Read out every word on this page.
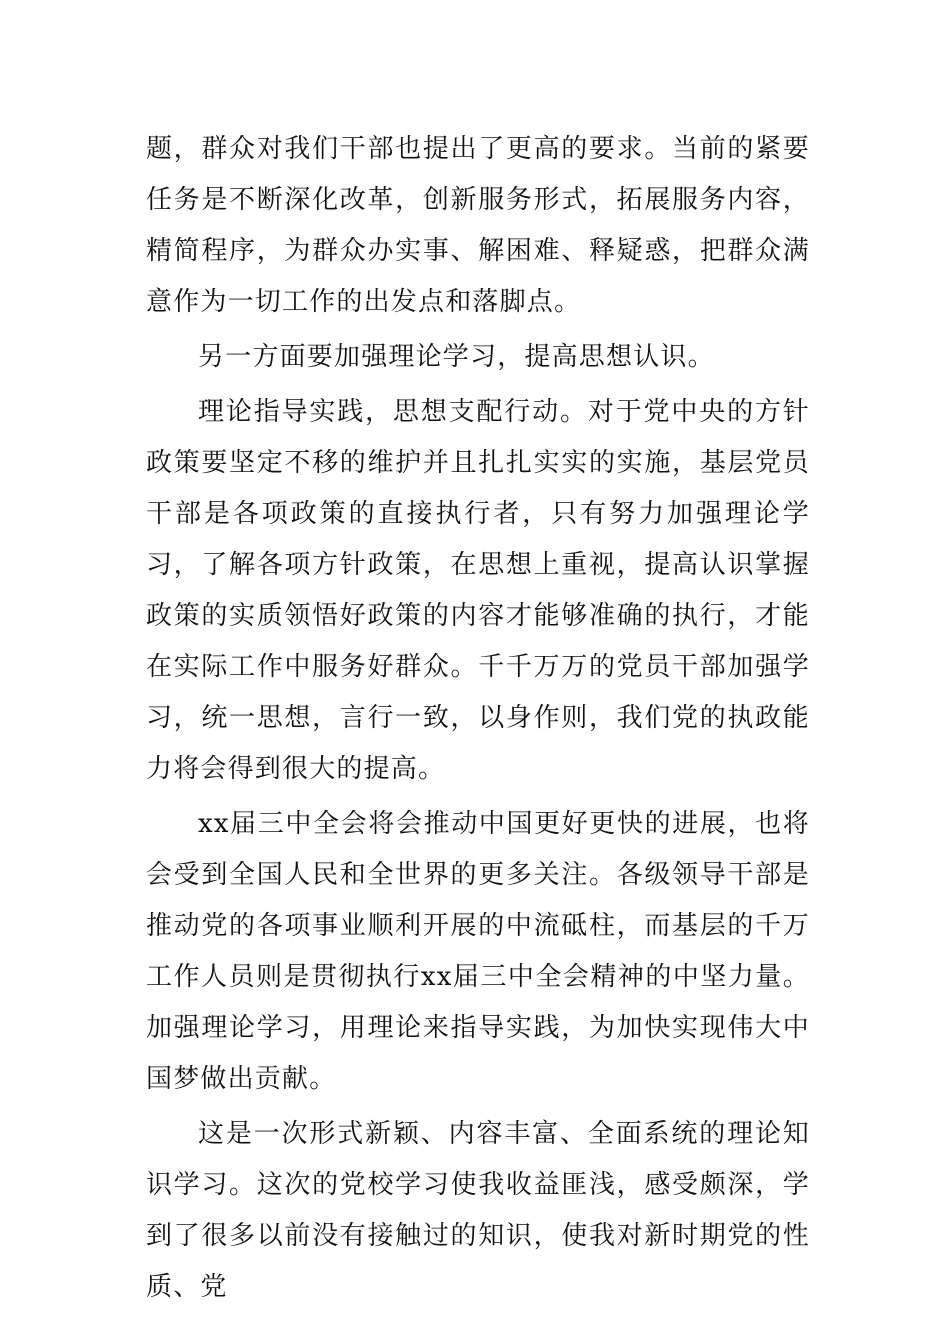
题，群众对我们干部也提出了更高的要求。当前的紧要任务是不断深化改革，创新服务形式，拓展服务内容，精简程序，为群众办实事、解困难、释疑惑，把群众满意作为一切工作的出发点和落脚点。

另一方面要加强理论学习，提高思想认识。

理论指导实践，思想支配行动。对于党中央的方针政策要坚定不移的维护并且扎扎实实的实施，基层党员干部是各项政策的直接执行者，只有努力加强理论学习，了解各项方针政策，在思想上重视，提高认识掌握政策的实质领悟好政策的内容才能够准确的执行，才能在实际工作中服务好群众。千千万万的党员干部加强学习，统一思想，言行一致，以身作则，我们党的执政能力将会得到很大的提高。

xx届三中全会将会推动中国更好更快的进展，也将会受到全国人民和全世界的更多关注。各级领导干部是推动党的各项事业顺利开展的中流砥柱，而基层的千万工作人员则是贯彻执行xx届三中全会精神的中坚力量。加强理论学习，用理论来指导实践，为加快实现伟大中国梦做出贡献。

这是一次形式新颖、内容丰富、全面系统的理论知识学习。这次的党校学习使我收益匪浅，感受颇深，学到了很多以前没有接触过的知识，使我对新时期党的性质、党
